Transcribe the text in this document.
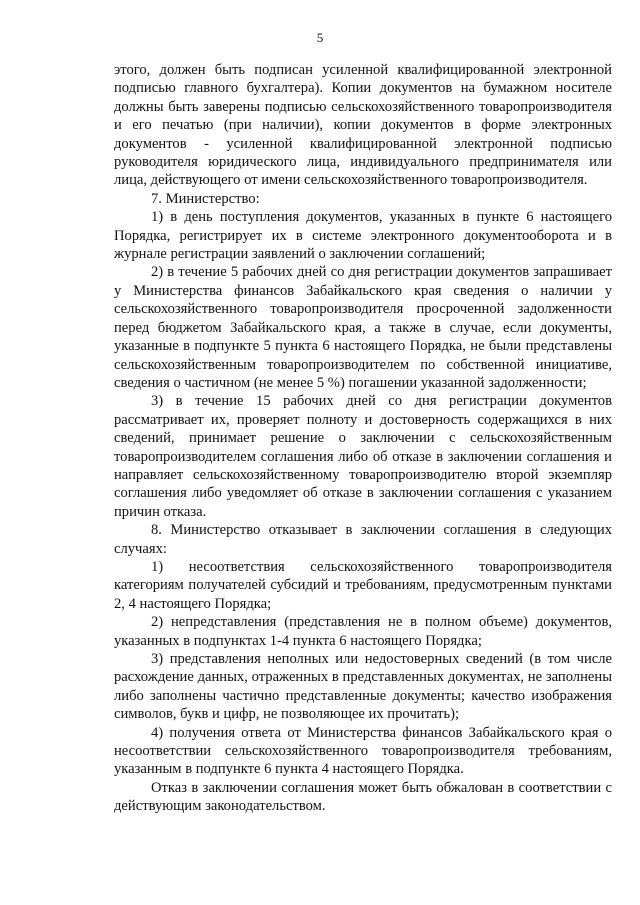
5

этого, должен быть подписан усиленной квалифицированной электронной подписью главного бухгалтера). Копии документов на бумажном носителе должны быть заверены подписью сельскохозяйственного товаропроизводителя и его печатью (при наличии), копии документов в форме электронных документов - усиленной квалифицированной электронной подписью руководителя юридического лица, индивидуального предпринимателя или лица, действующего от имени сельскохозяйственного товаропроизводителя.

7. Министерство:

1) в день поступления документов, указанных в пункте 6 настоящего Порядка, регистрирует их в системе электронного документооборота и в журнале регистрации заявлений о заключении соглашений;

2) в течение 5 рабочих дней со дня регистрации документов запрашивает у Министерства финансов Забайкальского края сведения о наличии у сельскохозяйственного товаропроизводителя просроченной задолженности перед бюджетом Забайкальского края, а также в случае, если документы, указанные в подпункте 5 пункта 6 настоящего Порядка, не были представлены сельскохозяйственным товаропроизводителем по собственной инициативе, сведения о частичном (не менее 5 %) погашении указанной задолженности;

3) в течение 15 рабочих дней со дня регистрации документов рассматривает их, проверяет полноту и достоверность содержащихся в них сведений, принимает решение о заключении с сельскохозяйственным товаропроизводителем соглашения либо об отказе в заключении соглашения и направляет сельскохозяйственному товаропроизводителю второй экземпляр соглашения либо уведомляет об отказе в заключении соглашения с указанием причин отказа.

8. Министерство отказывает в заключении соглашения в следующих случаях:

1) несоответствия сельскохозяйственного товаропроизводителя категориям получателей субсидий и требованиям, предусмотренным пунктами 2, 4 настоящего Порядка;

2) непредставления (представления не в полном объеме) документов, указанных в подпунктах 1-4 пункта 6 настоящего Порядка;

3) представления неполных или недостоверных сведений (в том числе расхождение данных, отраженных в представленных документах, не заполнены либо заполнены частично представленные документы; качество изображения символов, букв и цифр, не позволяющее их прочитать);

4) получения ответа от Министерства финансов Забайкальского края о несоответствии сельскохозяйственного товаропроизводителя требованиям, указанным в подпункте 6 пункта 4 настоящего Порядка.

Отказ в заключении соглашения может быть обжалован в соответствии с действующим законодательством.
